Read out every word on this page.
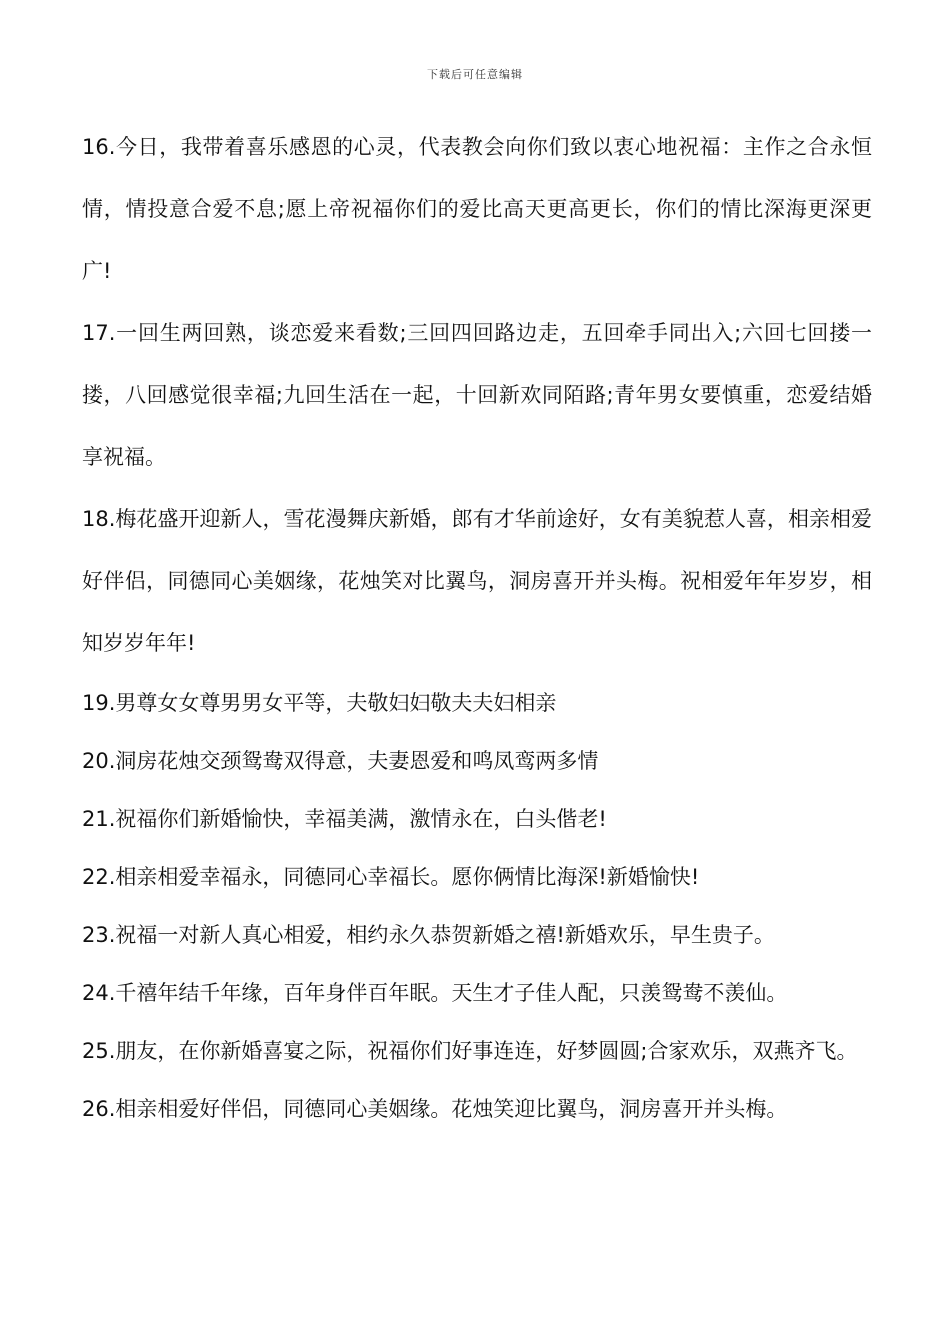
下载后可任意编辑

16.今日，我带着喜乐感恩的心灵，代表教会向你们致以衷心地祝福：主作之合永恒情，情投意合爱不息;愿上帝祝福你们的爱比高天更高更长，你们的情比深海更深更广!

17.一回生两回熟，谈恋爱来看数;三回四回路边走，五回牵手同出入;六回七回搂一搂，八回感觉很幸福;九回生活在一起，十回新欢同陌路;青年男女要慎重，恋爱结婚享祝福。

18.梅花盛开迎新人，雪花漫舞庆新婚，郎有才华前途好，女有美貌惹人喜，相亲相爱好伴侣，同德同心美姻缘，花烛笑对比翼鸟，洞房喜开并头梅。祝相爱年年岁岁，相知岁岁年年!

19.男尊女女尊男男女平等，夫敬妇妇敬夫夫妇相亲

20.洞房花烛交颈鸳鸯双得意，夫妻恩爱和鸣凤鸾两多情

21.祝福你们新婚愉快，幸福美满，激情永在，白头偕老!

22.相亲相爱幸福永，同德同心幸福长。愿你俩情比海深!新婚愉快!

23.祝福一对新人真心相爱，相约永久恭贺新婚之禧!新婚欢乐，早生贵子。

24.千禧年结千年缘，百年身伴百年眠。天生才子佳人配，只羡鸳鸯不羡仙。

25.朋友，在你新婚喜宴之际，祝福你们好事连连，好梦圆圆;合家欢乐，双燕齐飞。

26.相亲相爱好伴侣，同德同心美姻缘。花烛笑迎比翼鸟，洞房喜开并头梅。
